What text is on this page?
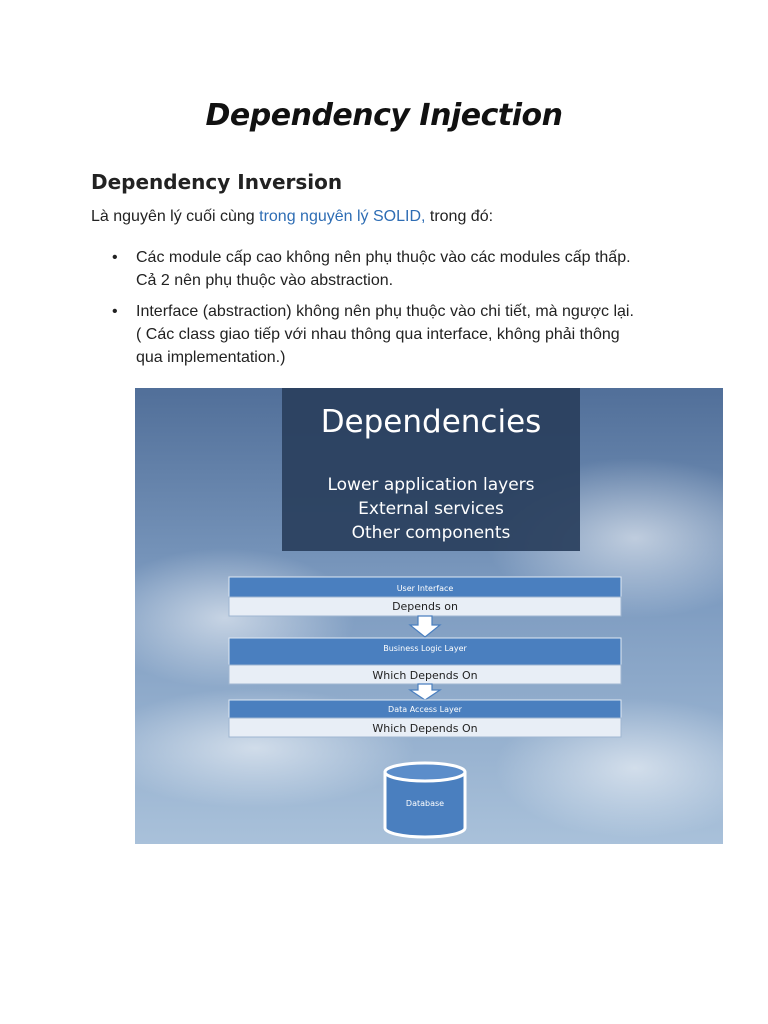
Dependency Injection
Dependency Inversion
Là nguyên lý cuối cùng trong nguyên lý SOLID, trong đó:
• Các module cấp cao không nên phụ thuộc vào các modules cấp thấp.
Cả 2 nên phụ thuộc vào abstraction.
• Interface (abstraction) không nên phụ thuộc vào chi tiết, mà ngược lại.
( Các class giao tiếp với nhau thông qua interface, không phải thông
qua implementation.)
Dependencies
Lower application layers
External services
Other components
User Interface
Depends on
Business Logic Layer
Which Depends On
Data Access Layer
Which Depends On
Database
